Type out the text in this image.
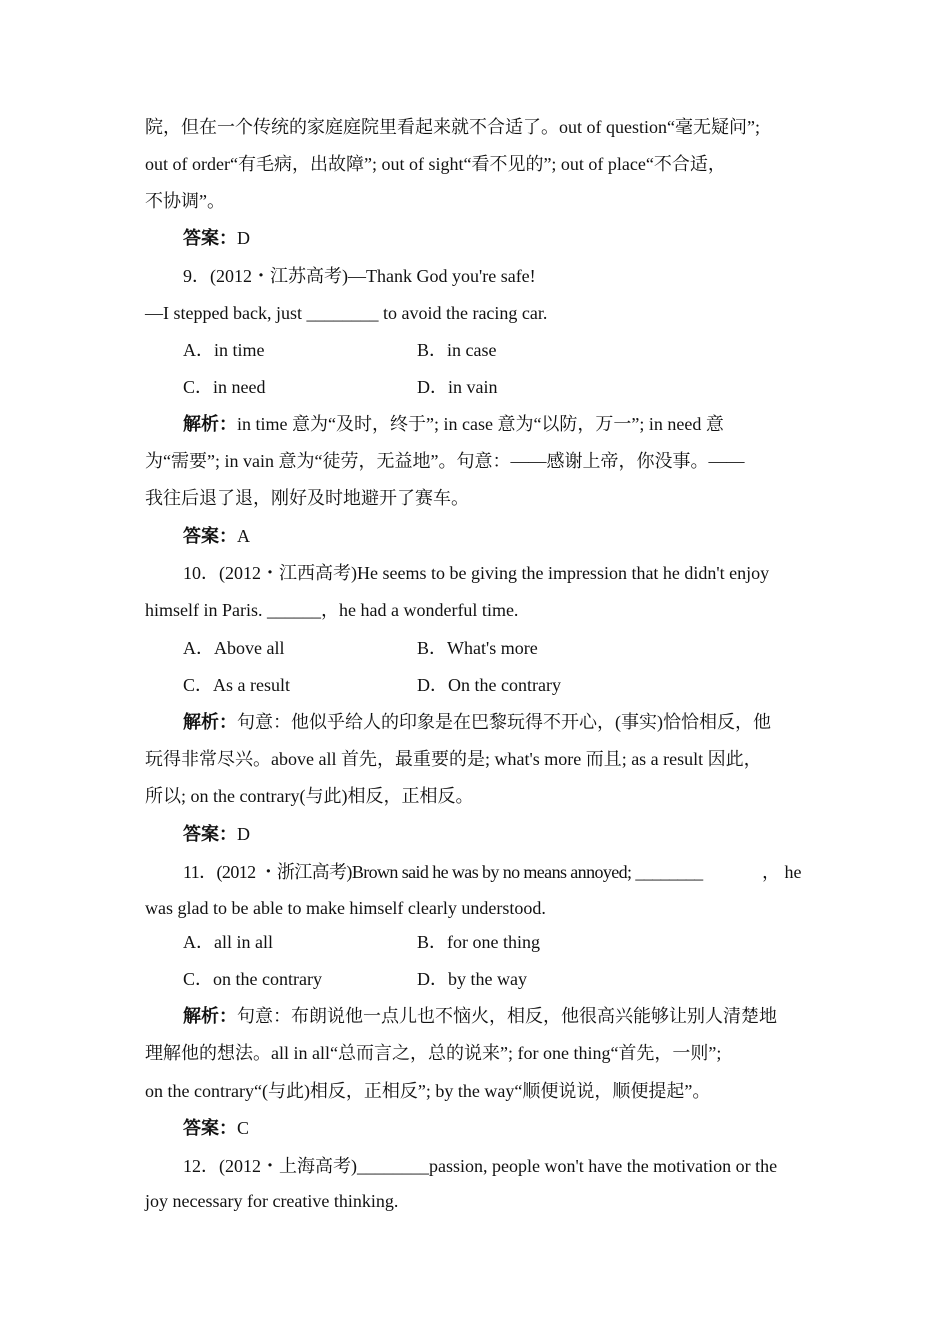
院，但在一个传统的家庭庭院里看起来就不合适了。out of question“毫无疑问”;
out of order“有毛病，出故障”; out of sight“看不见的”; out of place“不合适，
不协调”。
答案：D
9．(2012・江苏高考)—Thank God you're safe!
—I stepped back, just ________ to avoid the racing car.
A．in time	B．in case
C．in need	D．in vain
解析：in time 意为“及时，终于”; in case 意为“以防，万一”; in need 意
为“需要”; in vain 意为“徒劳，无益地”。句意：——感谢上帝，你没事。——
我往后退了退，刚好及时地避开了赛车。
答案：A
10．(2012・江西高考)He seems to be giving the impression that he didn't enjoy
himself in Paris. ______，he had a wonderful time.
A．Above all	B．What's more
C．As a result	D．On the contrary
解析：句意：他似乎给人的印象是在巴黎玩得不开心，(事实)恰恰相反，他
玩得非常尽兴。above all 首先，最重要的是; what's more 而且; as a result 因此，
所以; on the contrary(与此)相反，正相反。
答案：D
11．(2012 ・浙江高考)Brown said he was by no means annoyed; ________	， he
was glad to be able to make himself clearly understood.
A．all in all	B．for one thing
C．on the contrary	D．by the way
解析：句意：布朗说他一点儿也不恼火，相反，他很高兴能够让别人清楚地
理解他的想法。all in all“总而言之，总的说来”; for one thing“首先，一则”;
on the contrary“(与此)相反，正相反”; by the way“顺便说说，顺便提起”。
答案：C
12．(2012・上海高考)________passion, people won't have the motivation or the
joy necessary for creative thinking.
